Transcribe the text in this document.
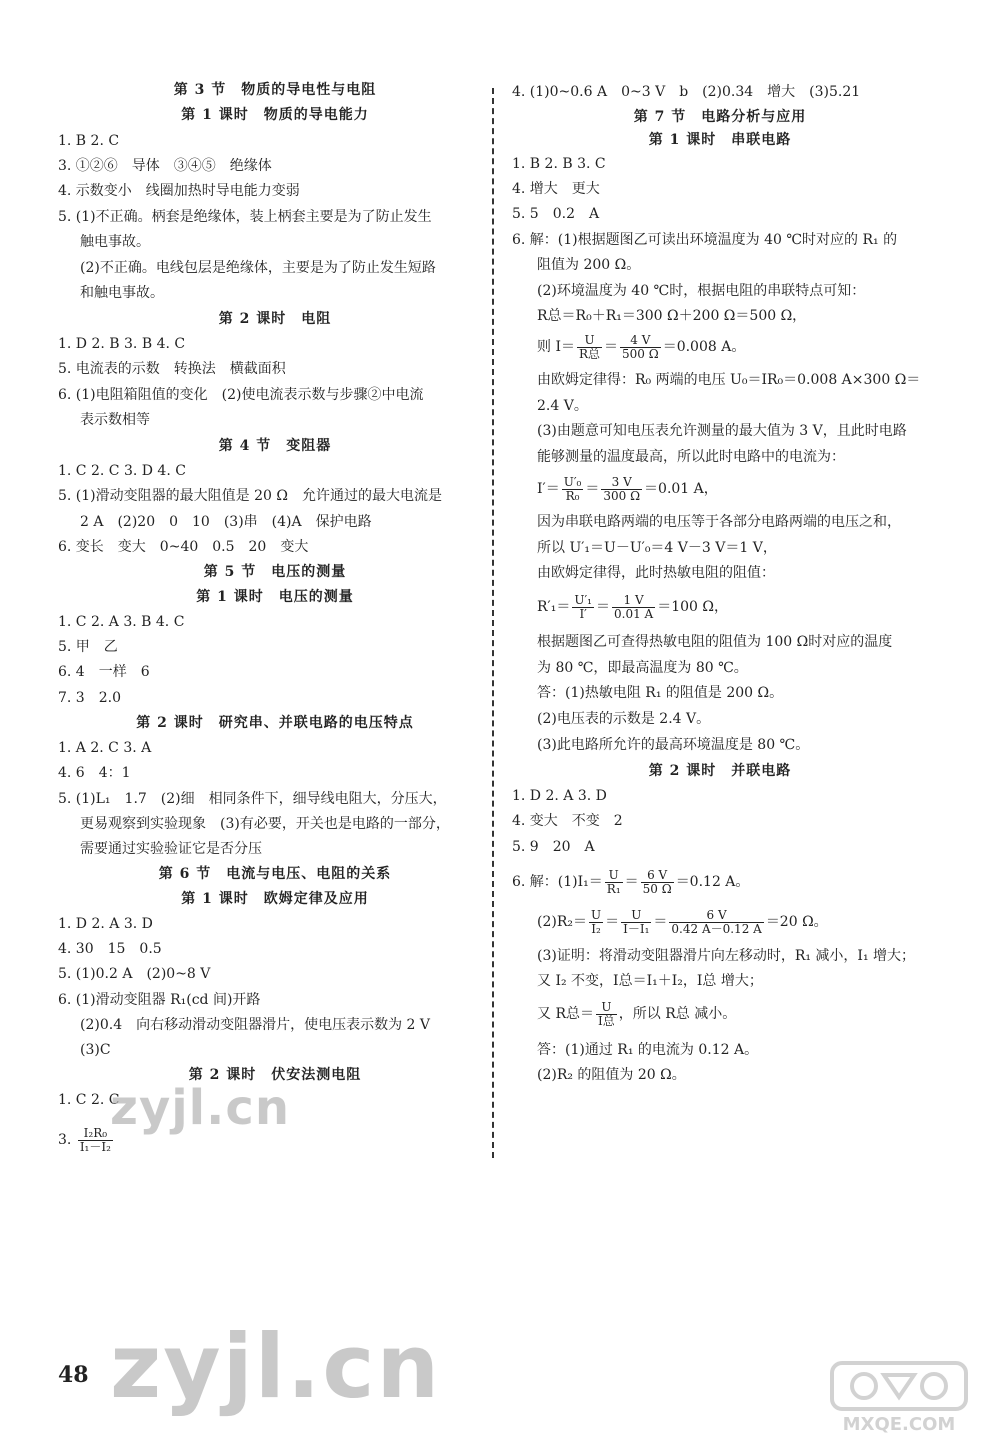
第 3 节　物质的导电性与电阻
第 1 课时　物质的导电能力
1. B 2. C
3. ①②⑥　导体　③④⑤　绝缘体
4. 示数变小　线圈加热时导电能力变弱
5. (1)不正确。柄套是绝缘体，装上柄套主要是为了防止发生
触电事故。
(2)不正确。电线包层是绝缘体，主要是为了防止发生短路
和触电事故。
第 2 课时　电阻
1. D 2. B 3. B 4. C
5. 电流表的示数　转换法　横截面积
6. (1)电阻箱阻值的变化　(2)使电流表示数与步骤②中电流
表示数相等
第 4 节　变阻器
1. C 2. C 3. D 4. C
5. (1)滑动变阻器的最大阻值是 20 Ω　允许通过的最大电流是
2 A　(2)20　0　10　(3)串　(4)A　保护电路
6. 变长　变大　0~40　0.5　20　变大
第 5 节　电压的测量
第 1 课时　电压的测量
1. C 2. A 3. B 4. C
5. 甲　乙
6. 4　一样　6
7. 3　2.0
第 2 课时　研究串、并联电路的电压特点
1. A 2. C 3. A
4. 6　4：1
5. (1)L₁　1.7　(2)细　相同条件下，细导线电阻大，分压大，
更易观察到实验现象　(3)有必要，开关也是电路的一部分，
需要通过实验验证它是否分压
第 6 节　电流与电压、电阻的关系
第 1 课时　欧姆定律及应用
1. D 2. A 3. D
4. 30　15　0.5
5. (1)0.2 A　(2)0~8 V
6. (1)滑动变阻器 R₁(cd 间)开路
(2)0.4　向右移动滑动变阻器滑片，使电压表示数为 2 V
(3)C
第 2 课时　伏安法测电阻
1. C 2. C
3. $\frac{\text{I₂R₀}}{\text{I₁－I₂}}$
4. (1)0~0.6 A　0~3 V　b　(2)0.34　增大　(3)5.21
第 7 节　电路分析与应用
第 1 课时　串联电路
1. B 2. B 3. C
4. 增大　更大
5. 5　0.2　A
6. 解：(1)根据题图乙可读出环境温度为 40 ℃时对应的 R₁ 的
阻值为 200 Ω。
(2)环境温度为 40 ℃时，根据电阻的串联特点可知：
R总＝R₀＋R₁＝300 Ω＋200 Ω＝500 Ω，
则 $I= \frac{U}{\text{R总}} = \frac{4 V}{500 \Omega} =0.008$ A。
由欧姆定律得：R₀ 两端的电压 U₀＝IR₀＝0.008 A×300 Ω＝
2.4 V。
(3)由题意可知电压表允许测量的最大值为 3 V，且此时电路
能够测量的温度最高，所以此时电路中的电流为：
$I'= \frac{\text{U′₀}}{\text{R₀}} = \frac{3 V}{300 \Omega} =0.01$ A，
因为串联电路两端的电压等于各部分电路两端的电压之和，
所以 U′₁＝U－U′₀＝4 V－3 V＝1 V，
由欧姆定律得，此时热敏电阻的阻值：
$R'_1= \frac{\text{U′₁}}{I'} = \frac{1 V}{0.01 A} =100$ Ω，
根据题图乙可查得热敏电阻的阻值为 100 Ω时对应的温度
为 80 ℃，即最高温度为 80 ℃。
答：(1)热敏电阻 R₁ 的阻值是 200 Ω。
(2)电压表的示数是 2.4 V。
(3)此电路所允许的最高环境温度是 80 ℃。
第 2 课时　并联电路
1. D 2. A 3. D
4. 变大　不变　2
5. 9　20　A
6. 解：$(1)I_1= \frac{U}{\text{R₁}} = \frac{6 V}{50 \Omega} =0.12$ A。
$(2)R_2= \frac{U}{\text{I₂}} = \frac{U}{\text{I－I₁}} = \frac{6 V}{0.42 A-0.12 A} =20$ Ω。
(3)证明：将滑动变阻器滑片向左移动时，R₁ 减小，I₁ 增大；
又 I₂ 不变，I总＝I₁＋I₂，I总 增大；
又 R总＝ $\frac{U}{\text{I总}}$ ，所以 R总 减小。
答：(1)通过 R₁ 的电流为 0.12 A。
(2)R₂ 的阻值为 20 Ω。
zyjl.cn
zyjl.cn
MXQE.COM
48
